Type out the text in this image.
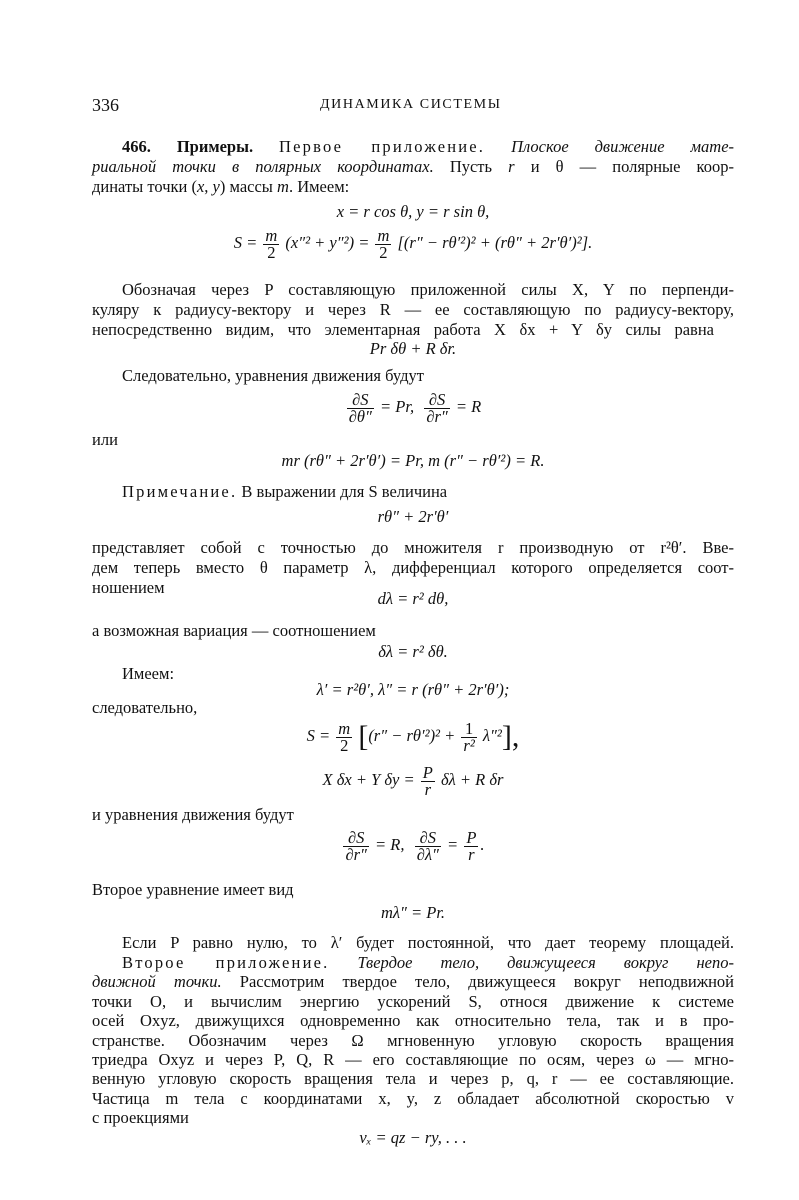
336	ДИНАМИКА СИСТЕМЫ
466. Примеры. Первое приложение. Плоское движение мате-
риальной точки в полярных координатах. Пусть r и θ — полярные коор-
динаты точки (x, y) массы m. Имеем:
x = r cos θ, y = r sin θ,
$S = \frac{m}{2} (x''^2 + y''^2) = \frac{m}{2} [(r'' - r\theta'^2)^2 + (r\theta'' + 2r'\theta')^2]$.
Обозначая через P составляющую приложенной силы X, Y по перпенди-
куляру к радиусу-вектору и через R — ее составляющую по радиусу-вектору,
непосредственно видим, что элементарная работа X δx + Y δy силы равна
Pr δθ + R δr.
Следовательно, уравнения движения будут
$\frac{\partial S}{\partial\theta''} = Pr$, $\frac{\partial S}{\partial r''} = R$
или
mr (rθ″ + 2r′θ′) = Pr, m (r″ − rθ′²) = R.
Примечание. В выражении для S величина
rθ″ + 2r′θ′
представляет собой с точностью до множителя r производную от r²θ′. Вве-
дем теперь вместо θ параметр λ, дифференциал которого определяется соот-
ношением
dλ = r² dθ,
а возможная вариация — соотношением
δλ = r² δθ.
Имеем:
λ′ = r²θ′, λ″ = r (rθ″ + 2r′θ′);
следовательно,
$S = \frac{m}{2} [(r'' - r\theta'^2)^2 + \frac{1}{\text{r²}} \lambda''^2]$,
X δx + Y $\delta y = \frac{P}{r}$ δλ + R δr
и уравнения движения будут
$\frac{\partial S}{\partial r''} = R$, $\frac{\partial S}{\partial\lambda''} = \frac{P}{r}$ .
Второе уравнение имеет вид
mλ″ = Pr.
Если P равно нулю, то λ′ будет постоянной, что дает теорему площадей.
Второе приложение. Твердое тело, движущееся вокруг непо-
движной точки. Рассмотрим твердое тело, движущееся вокруг неподвижной
точки O, и вычислим энергию ускорений S, относя движение к системе
осей Oxyz, движущихся одновременно как относительно тела, так и в про-
странстве. Обозначим через Ω мгновенную угловую скорость вращения
триедра Oxyz и через P, Q, R — его составляющие по осям, через ω — мгно-
венную угловую скорость вращения тела и через p, q, r — ее составляющие.
Частица m тела с координатами x, y, z обладает абсолютной скоростью v
с проекциями
vₓ = qz − ry, . . .
